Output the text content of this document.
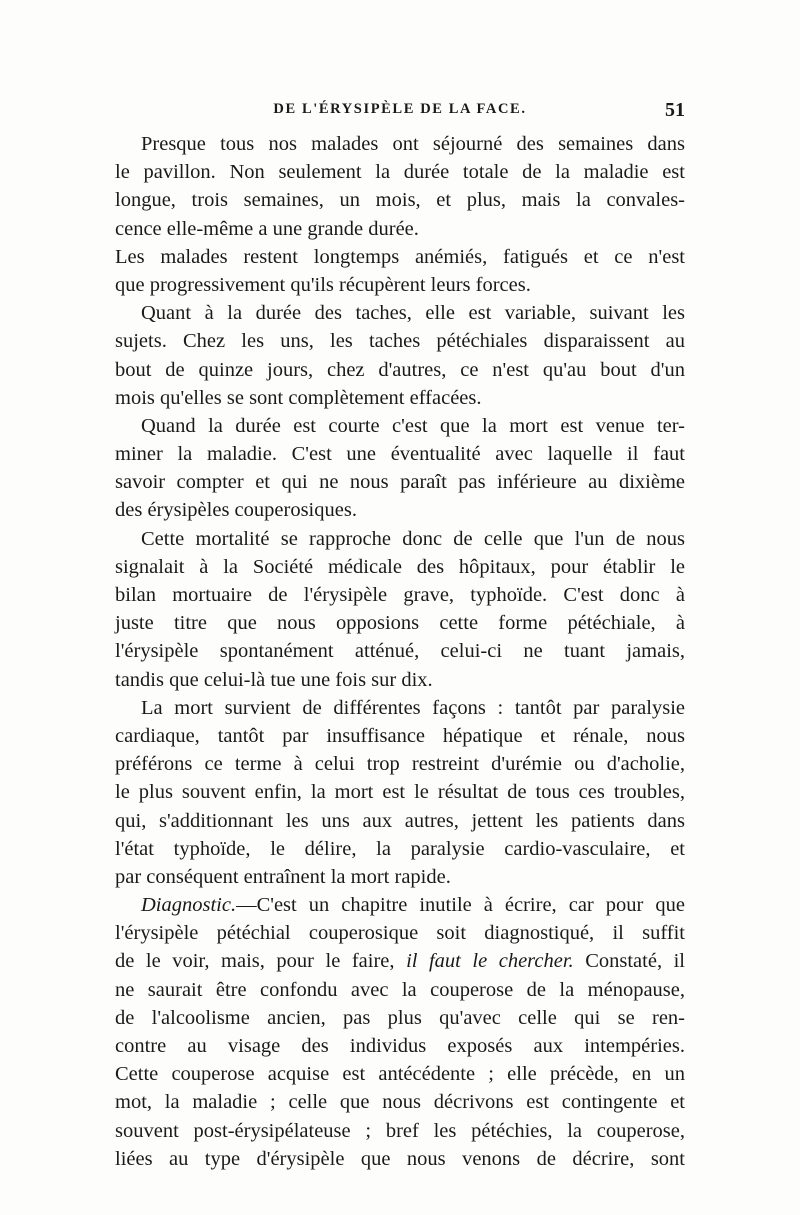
DE L'ÉRYSIPÈLE DE LA FACE.	51
Presque tous nos malades ont séjourné des semaines dans
le pavillon. Non seulement la durée totale de la maladie est
longue, trois semaines, un mois, et plus, mais la convales-
cence elle-même a une grande durée.
Les malades restent longtemps anémiés, fatigués et ce n'est
que progressivement qu'ils récupèrent leurs forces.
Quant à la durée des taches, elle est variable, suivant les
sujets. Chez les uns, les taches pétéchiales disparaissent au
bout de quinze jours, chez d'autres, ce n'est qu'au bout d'un
mois qu'elles se sont complètement effacées.
Quand la durée est courte c'est que la mort est venue ter-
miner la maladie. C'est une éventualité avec laquelle il faut
savoir compter et qui ne nous paraît pas inférieure au dixième
des érysipèles couperosiques.
Cette mortalité se rapproche donc de celle que l'un de nous
signalait à la Société médicale des hôpitaux, pour établir le
bilan mortuaire de l'érysipèle grave, typhoïde. C'est donc à
juste titre que nous opposions cette forme pétéchiale, à
l'érysipèle spontanément atténué, celui-ci ne tuant jamais,
tandis que celui-là tue une fois sur dix.
La mort survient de différentes façons : tantôt par paralysie
cardiaque, tantôt par insuffisance hépatique et rénale, nous
préférons ce terme à celui trop restreint d'urémie ou d'acholie,
le plus souvent enfin, la mort est le résultat de tous ces troubles,
qui, s'additionnant les uns aux autres, jettent les patients dans
l'état typhoïde, le délire, la paralysie cardio-vasculaire, et
par conséquent entraînent la mort rapide.
Diagnostic.—C'est un chapitre inutile à écrire, car pour que
l'érysipèle pétéchial couperosique soit diagnostiqué, il suffit
de le voir, mais, pour le faire, il faut le chercher. Constaté, il
ne saurait être confondu avec la couperose de la ménopause,
de l'alcoolisme ancien, pas plus qu'avec celle qui se ren-
contre au visage des individus exposés aux intempéries.
Cette couperose acquise est antécédente ; elle précède, en un
mot, la maladie ; celle que nous décrivons est contingente et
souvent post-érysipélateuse ; bref les pétéchies, la couperose,
liées au type d'érysipèle que nous venons de décrire, sont
